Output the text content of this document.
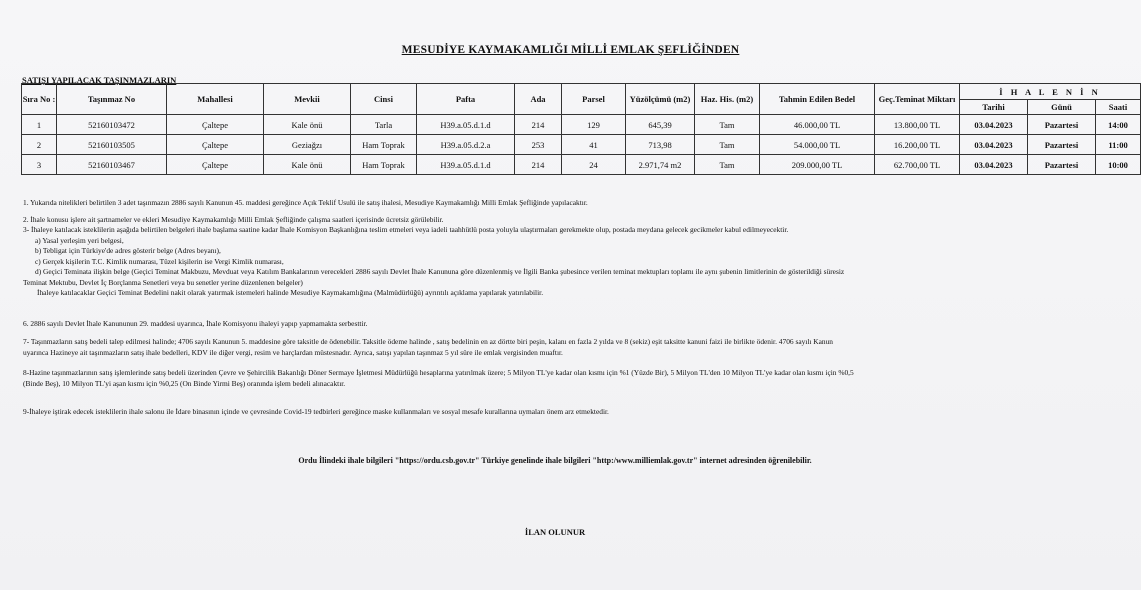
MESUDİYE KAYMAKAMLIĞI MİLLİ EMLAK ŞEFLİĞİNDEN
SATIŞI YAPILACAK TAŞINMAZLARIN
Sıra No :	Taşınmaz No	Mahallesi	Mevkii	Cinsi	Pafta	Ada	Parsel	Yüzölçümü (m2)	Haz. His. (m2)	Tahmin Edilen Bedel	Geç.Teminat Miktarı	İ H A L E N İ N		
												Tarihi	Günü	Saati
1	52160103472	Çaltepe	Kale önü	Tarla	H39.a.05.d.1.d	214	129	645,39	Tam	46.000,00 TL	13.800,00 TL	03.04.2023	Pazartesi	14:00
2	52160103505	Çaltepe	Geziağzı	Ham Toprak	H39.a.05.d.2.a	253	41	713,98	Tam	54.000,00 TL	16.200,00 TL	03.04.2023	Pazartesi	11:00
3	52160103467	Çaltepe	Kale önü	Ham Toprak	H39.a.05.d.1.d	214	24	2.971,74 m2	Tam	209.000,00 TL	62.700,00 TL	03.04.2023	Pazartesi	10:00

1. Yukarıda nitelikleri belirtilen 3 adet taşınmazın 2886 sayılı Kanunun 45. maddesi gereğince Açık Teklif Usulü ile satış ihalesi, Mesudiye Kaymakamlığı Milli Emlak Şefliğinde yapılacaktır.

2. İhale konusu işlere ait şartnameler ve ekleri Mesudiye Kaymakamlığı Milli Emlak Şefliğinde çalışma saatleri içerisinde ücretsiz görülebilir.

3- İhaleye katılacak isteklilerin aşağıda belirtilen belgeleri ihale başlama saatine kadar İhale Komisyon Başkanlığına teslim etmeleri veya iadeli taahhütlü posta yoluyla ulaştırmaları gerekmekte olup, postada meydana gelecek gecikmeler kabul edilmeyecektir.

a) Yasal yerleşim yeri belgesi,

b) Tebligat için Türkiye'de adres gösterir belge (Adres beyanı),

c) Gerçek kişilerin T.C. Kimlik numarası, Tüzel kişilerin ise Vergi Kimlik numarası,

d) Geçici Teminata ilişkin belge (Geçici Teminat Makbuzu, Mevduat veya Katılım Bankalarının verecekleri 2886 sayılı Devlet İhale Kanununa göre düzenlenmiş ve İlgili Banka şubesince verilen teminat mektupları toplamı ile aynı şubenin limitlerinin de gösterildiği süresiz

Teminat Mektubu, Devlet İç Borçlanma Senetleri veya bu senetler yerine düzenlenen belgeler)

İhaleye katılacaklar Geçici Teminat Bedelini nakit olarak yatırmak istemeleri halinde Mesudiye Kaymakamlığına (Malmüdürlüğü) ayrıntılı açıklama yapılarak yatırılabilir.

6. 2886 sayılı Devlet İhale Kanununun 29. maddesi uyarınca, İhale Komisyonu ihaleyi yapıp yapmamakta serbesttir.

7- Taşınmazların satış bedeli talep edilmesi halinde; 4706 sayılı Kanunun 5. maddesine göre taksitle de ödenebilir. Taksitle ödeme halinde , satış bedelinin en az dörtte biri peşin, kalanı en fazla 2 yılda ve 8 (sekiz) eşit taksitte kanuni faizi ile birlikte ödenir. 4706 sayılı Kanun

uyarınca Hazineye ait taşınmazların satış ihale bedelleri, KDV ile diğer vergi, resim ve harçlardan müstesnadır. Ayrıca, satışı yapılan taşınmaz 5 yıl süre ile emlak vergisinden muaftır.

8-Hazine taşınmazlarının satış işlemlerinde satış bedeli üzerinden Çevre ve Şehircilik Bakanlığı Döner Sermaye İşletmesi Müdürlüğü hesaplarına yatırılmak üzere; 5 Milyon TL'ye kadar olan kısmı için %1 (Yüzde Bir), 5 Milyon TL'den 10 Milyon TL'ye kadar olan kısmı için %0,5

(Binde Beş), 10 Milyon TL'yi aşan kısmı için %0,25 (On Binde Yirmi Beş) oranında işlem bedeli alınacaktır.

9-İhaleye iştirak edecek isteklilerin ihale salonu ile İdare binasının içinde ve çevresinde Covid-19 tedbirleri gereğince maske kullanmaları ve sosyal mesafe kurallarına uymaları önem arz etmektedir.

Ordu İlindeki ihale bilgileri "https://ordu.csb.gov.tr" Türkiye genelinde ihale bilgileri "http:/www.milliemlak.gov.tr" internet adresinden öğrenilebilir.
İLAN OLUNUR
